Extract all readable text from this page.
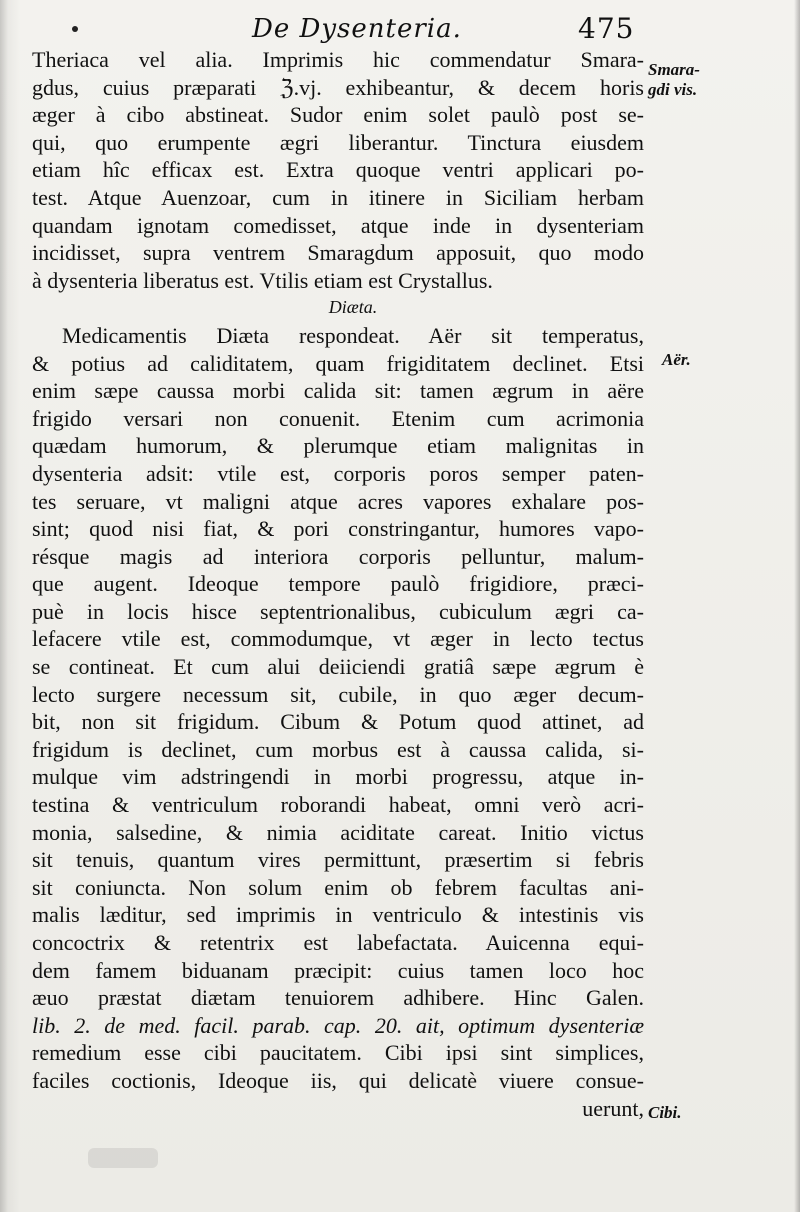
De Dysenteria.	475
Smara-
gdi vis.
Aër.
Cibi.
Theriaca vel alia. Imprimis hic commendatur Smara-
gdus, cuius præparati ℨ.vj. exhibeantur, & decem horis
æger à cibo abstineat. Sudor enim solet paulò post se-
qui, quo erumpente ægri liberantur. Tinctura eiusdem
etiam hîc efficax est. Extra quoque ventri applicari po-
test. Atque Auenzoar, cum in itinere in Siciliam herbam
quandam ignotam comedisset, atque inde in dysenteriam
incidisset, supra ventrem Smaragdum apposuit, quo modo
à dysenteria liberatus est. Vtilis etiam est Crystallus.
Diæta.
Medicamentis Diæta respondeat. Aër sit temperatus,
& potius ad caliditatem, quam frigiditatem declinet. Etsi
enim sæpe caussa morbi calida sit: tamen ægrum in aëre
frigido versari non conuenit. Etenim cum acrimonia
quædam humorum, & plerumque etiam malignitas in
dysenteria adsit: vtile est, corporis poros semper paten-
tes seruare, vt maligni atque acres vapores exhalare pos-
sint; quod nisi fiat, & pori constringantur, humores vapo-
résque magis ad interiora corporis pelluntur, malum-
que augent. Ideoque tempore paulò frigidiore, præci-
puè in locis hisce septentrionalibus, cubiculum ægri ca-
lefacere vtile est, commodumque, vt æger in lecto tectus
se contineat. Et cum alui deiiciendi gratiâ sæpe ægrum è
lecto surgere necessum sit, cubile, in quo æger decum-
bit, non sit frigidum. Cibum & Potum quod attinet, ad
frigidum is declinet, cum morbus est à caussa calida, si-
mulque vim adstringendi in morbi progressu, atque in-
testina & ventriculum roborandi habeat, omni verò acri-
monia, salsedine, & nimia aciditate careat. Initio victus
sit tenuis, quantum vires permittunt, præsertim si febris
sit coniuncta. Non solum enim ob febrem facultas ani-
malis læditur, sed imprimis in ventriculo & intestinis vis
concoctrix & retentrix est labefactata. Auicenna equi-
dem famem biduanam præcipit: cuius tamen loco hoc
æuo præstat diætam tenuiorem adhibere. Hinc Galen.
lib. 2. de med. facil. parab. cap. 20. ait, optimum dysenteriæ
remedium esse cibi paucitatem. Cibi ipsi sint simplices,
faciles coctionis, Ideoque iis, qui delicatè viuere consue-
uerunt,
